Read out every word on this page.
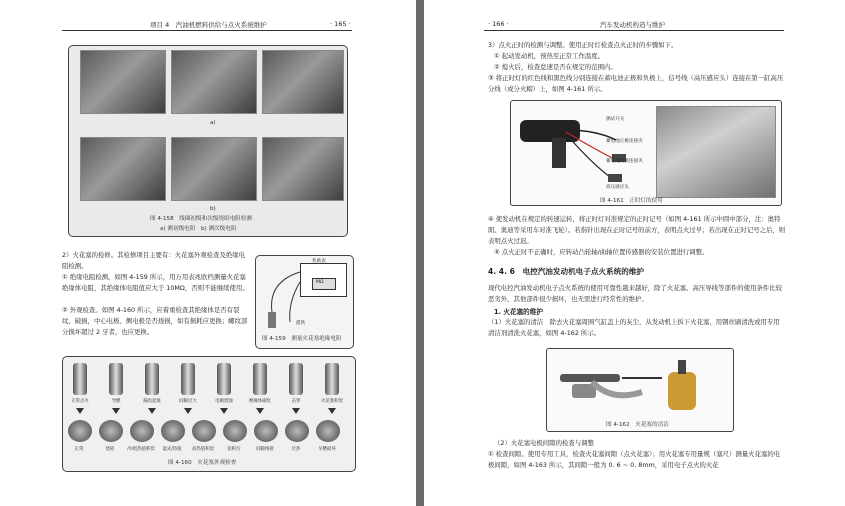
项目 4　汽油机燃料供给与点火系统维护	· 165 ·
a)
b)
图 4-158　线圈初级和次级绕组电阻检测
a) 测初级电阻　b) 测次级电阻
2）火花塞的检修。其检修项目主要有：火花塞外观检查及绝缘电阻检测。
① 绝缘电阻检测。如图 4-159 所示，用万用表兆欧档测量火花塞绝缘体电阻，其绝缘体电阻值应大于 10MΩ，否则不能继续使用。
② 外观检查。如图 4-160 所示，应着重检查其绝缘体是否有裂纹、破损，中心电极、侧电极是否烧损，如有损耗应更换；螺纹部分损坏超过 2 牙者，也应更换。
兆欧表
MΩ
搭铁
图 4-159　测量火花塞绝缘电阻
正常点火	导燃	漏电起痕	间隙过大	电极烧蚀	绝缘体碳化	击穿	火花塞积炭
正常	烧损	冷/低热值积炭	湿式/热值	高热值积炭	铅积污	间隙熔接	过热	早燃损坏
图 4-160　火花塞外观检查
· 166 ·	汽车发动机构造与维护
3）点火正时的检测与调整。使用正时灯检查点火正时的步骤如下。
① 起动发动机，预热至正常工作温度。
② 熄火后，检查怠速是否在规定的范围内。
③ 将正时灯的红色线和黑色线分别连接在蓄电池正极和负极上，信号线（高压感应头）连接在第一缸高压分线（或分火帽）上，如图 4-161 所示。
测试开关
蓄电池正极连接夹
蓄电池负极连接夹
高压感应头
图 4-161　正时灯的使用
④ 使发动机在规定的转速运转，将正时灯对准规定的正时记号（如图 4-161 所示中圆中部分，注：奥特朗、奥迪等采用车对准飞轮）。若指针出现在正时记号的前方，表明点火过早；若出现在正时记号之后，则表明点火过迟。
⑤ 点火正时不正确时，应转动凸轮轴/曲轴位置传感器的安装位置进行调整。
4. 4. 6　电控汽油发动机电子点火系统的维护
现代电控汽油发动机电子点火系统的使用可靠性越来越好，除了火花塞、高压导线等部件的使用条件比较恶劣外，其他部件很少损坏，也无需进行经常性的维护。
1. 火花塞的维护
（1）火花塞的清洁　除去火花塞周围气缸盖上的灰尘，从发动机上拆下火花塞，用钢丝刷清洗或用专用清洁剂清洗火花塞，如图 4-162 所示。
图 4-162　火花塞的清洁
（2）火花塞电极间隙的检查与调整
① 检查间隙。使用专用工具，检查火花塞间隙（点火花塞）；用火花塞专用量规（塞尺）测量火花塞的电极间隙，如图 4-163 所示，其间隙一般为 0. 6 ~ 0. 8mm，采用电子点火的火花
